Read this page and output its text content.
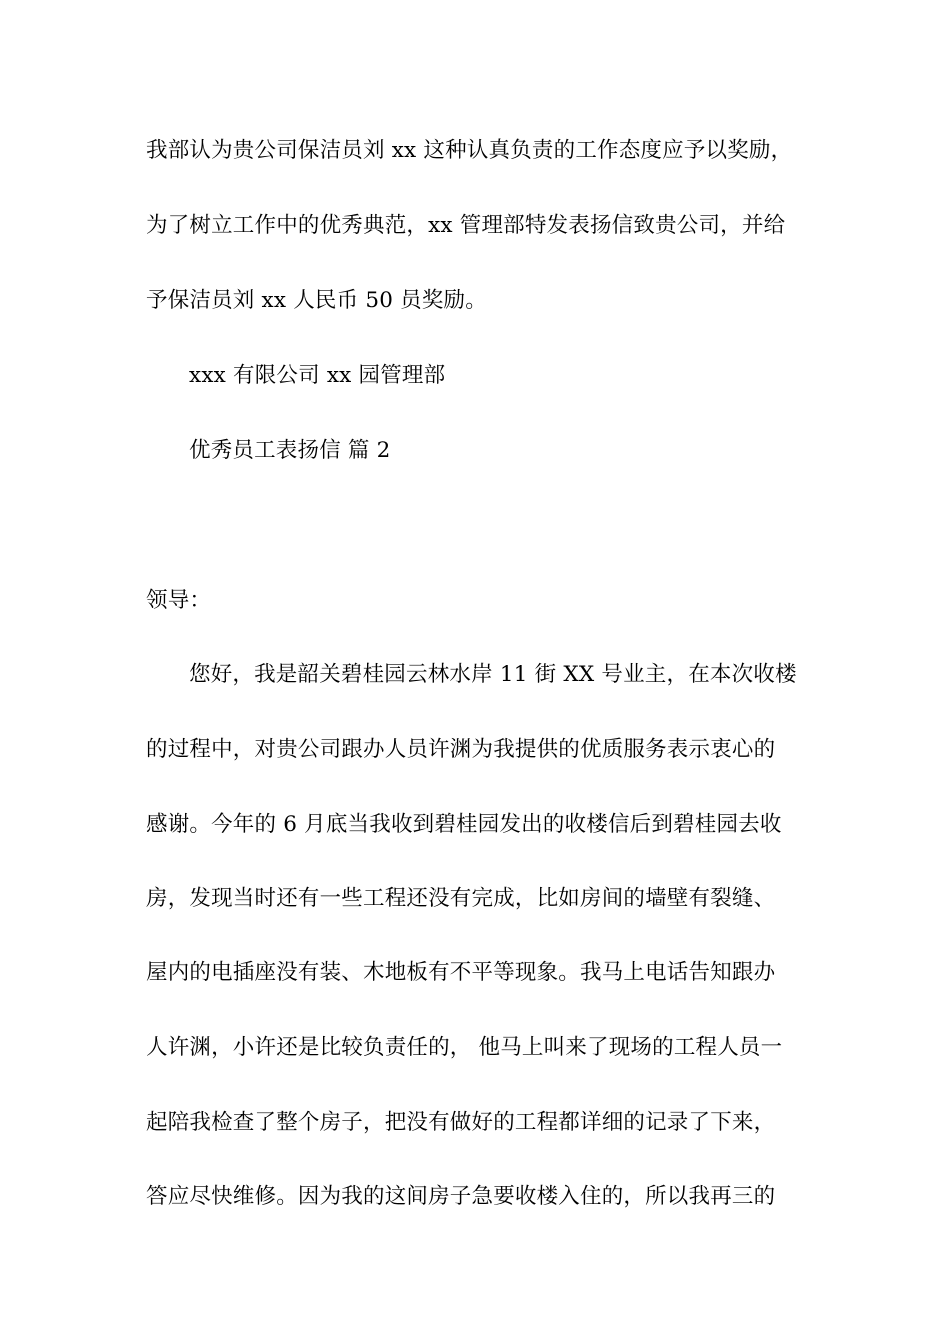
我部认为贵公司保洁员刘 xx 这种认真负责的工作态度应予以奖励，
为了树立工作中的优秀典范，xx 管理部特发表扬信致贵公司，并给
予保洁员刘 xx 人民币 50 员奖励。
xxx 有限公司 xx 园管理部
优秀员工表扬信 篇 2
领导：
您好，我是韶关碧桂园云林水岸 11 街 XX 号业主，在本次收楼
的过程中，对贵公司跟办人员许渊为我提供的优质服务表示衷心的
感谢。今年的 6 月底当我收到碧桂园发出的收楼信后到碧桂园去收
房，发现当时还有一些工程还没有完成，比如房间的墙壁有裂缝、
屋内的电插座没有装、木地板有不平等现象。我马上电话告知跟办
人许渊，小许还是比较负责任的， 他马上叫来了现场的工程人员一
起陪我检查了整个房子，把没有做好的工程都详细的记录了下来，
答应尽快维修。因为我的这间房子急要收楼入住的，所以我再三的
